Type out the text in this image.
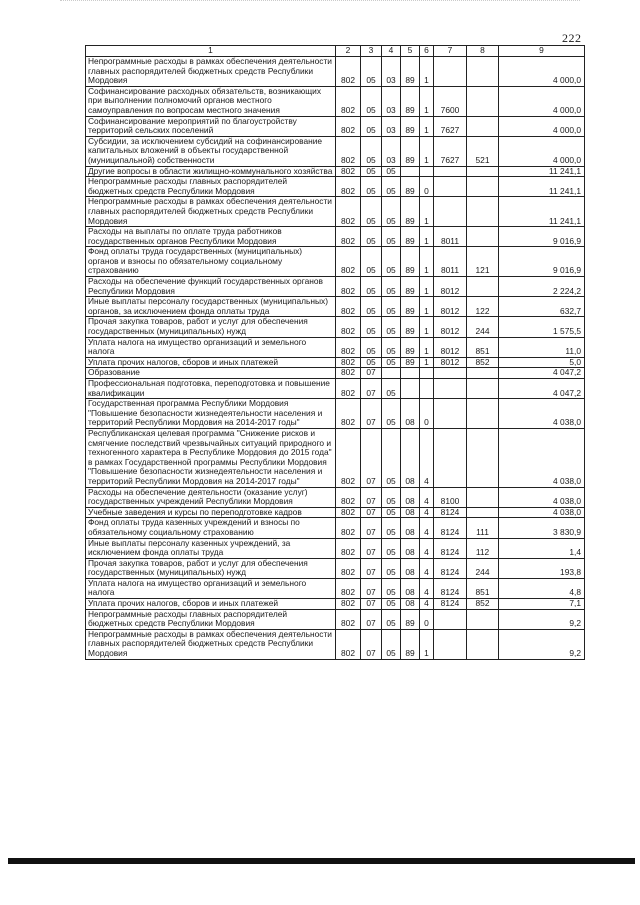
222
1	2	3	4	5	6	7	8	9
Непрограммные расходы в рамках обеспечения деятельности главных распорядителей бюджетных средств Республики Мордовия	802	05	03	89	1			4 000,0
Софинансирование расходных обязательств, возникающих при выполнении полномочий органов местного самоуправления по вопросам местного значения	802	05	03	89	1	7600		4 000,0
Софинансирование мероприятий по благоустройству территорий сельских поселений	802	05	03	89	1	7627		4 000,0
Субсидии, за исключением субсидий на софинансирование капитальных вложений в объекты государственной (муниципальной) собственности	802	05	03	89	1	7627	521	4 000,0
Другие вопросы в области жилищно-коммунального хозяйства	802	05	05					11 241,1
Непрограммные расходы главных распорядителей бюджетных средств Республики Мордовия	802	05	05	89	0			11 241,1
Непрограммные расходы в рамках обеспечения деятельности главных распорядителей бюджетных средств Республики Мордовия	802	05	05	89	1			11 241,1
Расходы на выплаты по оплате труда работников государственных органов Республики Мордовия	802	05	05	89	1	8011		9 016,9
Фонд оплаты труда государственных (муниципальных) органов и взносы по обязательному социальному страхованию	802	05	05	89	1	8011	121	9 016,9
Расходы на обеспечение функций государственных органов Республики Мордовия	802	05	05	89	1	8012		2 224,2
Иные выплаты персоналу государственных (муниципальных) органов, за исключением фонда оплаты труда	802	05	05	89	1	8012	122	632,7
Прочая закупка товаров, работ и услуг для обеспечения государственных (муниципальных) нужд	802	05	05	89	1	8012	244	1 575,5
Уплата налога на имущество организаций и земельного налога	802	05	05	89	1	8012	851	11,0
Уплата прочих налогов, сборов и иных платежей	802	05	05	89	1	8012	852	5,0
Образование	802	07						4 047,2
Профессиональная подготовка, переподготовка и повышение квалификации	802	07	05					4 047,2
Государственная программа Республики Мордовия "Повышение безопасности жизнедеятельности населения и территорий Республики Мордовия на 2014-2017 годы"	802	07	05	08	0			4 038,0
Республиканская целевая программа "Снижение рисков и смягчение последствий чрезвычайных ситуаций природного и техногенного характера в Республике Мордовия до 2015 года" в рамках Государственной программы Республики Мордовия "Повышение безопасности жизнедеятельности населения и территорий Республики Мордовия на 2014-2017 годы"	802	07	05	08	4			4 038,0
Расходы на обеспечение деятельности (оказание услуг) государственных учреждений Республики Мордовия	802	07	05	08	4	8100		4 038,0
Учебные заведения и курсы по переподготовке кадров	802	07	05	08	4	8124		4 038,0
Фонд оплаты труда казенных учреждений и взносы по обязательному социальному страхованию	802	07	05	08	4	8124	111	3 830,9
Иные выплаты персоналу казенных учреждений, за исключением фонда оплаты труда	802	07	05	08	4	8124	112	1,4
Прочая закупка товаров, работ и услуг для обеспечения государственных (муниципальных) нужд	802	07	05	08	4	8124	244	193,8
Уплата налога на имущество организаций и земельного налога	802	07	05	08	4	8124	851	4,8
Уплата прочих налогов, сборов и иных платежей	802	07	05	08	4	8124	852	7,1
Непрограммные расходы главных распорядителей бюджетных средств Республики Мордовия	802	07	05	89	0			9,2
Непрограммные расходы в рамках обеспечения деятельности главных распорядителей бюджетных средств Республики Мордовия	802	07	05	89	1			9,2
